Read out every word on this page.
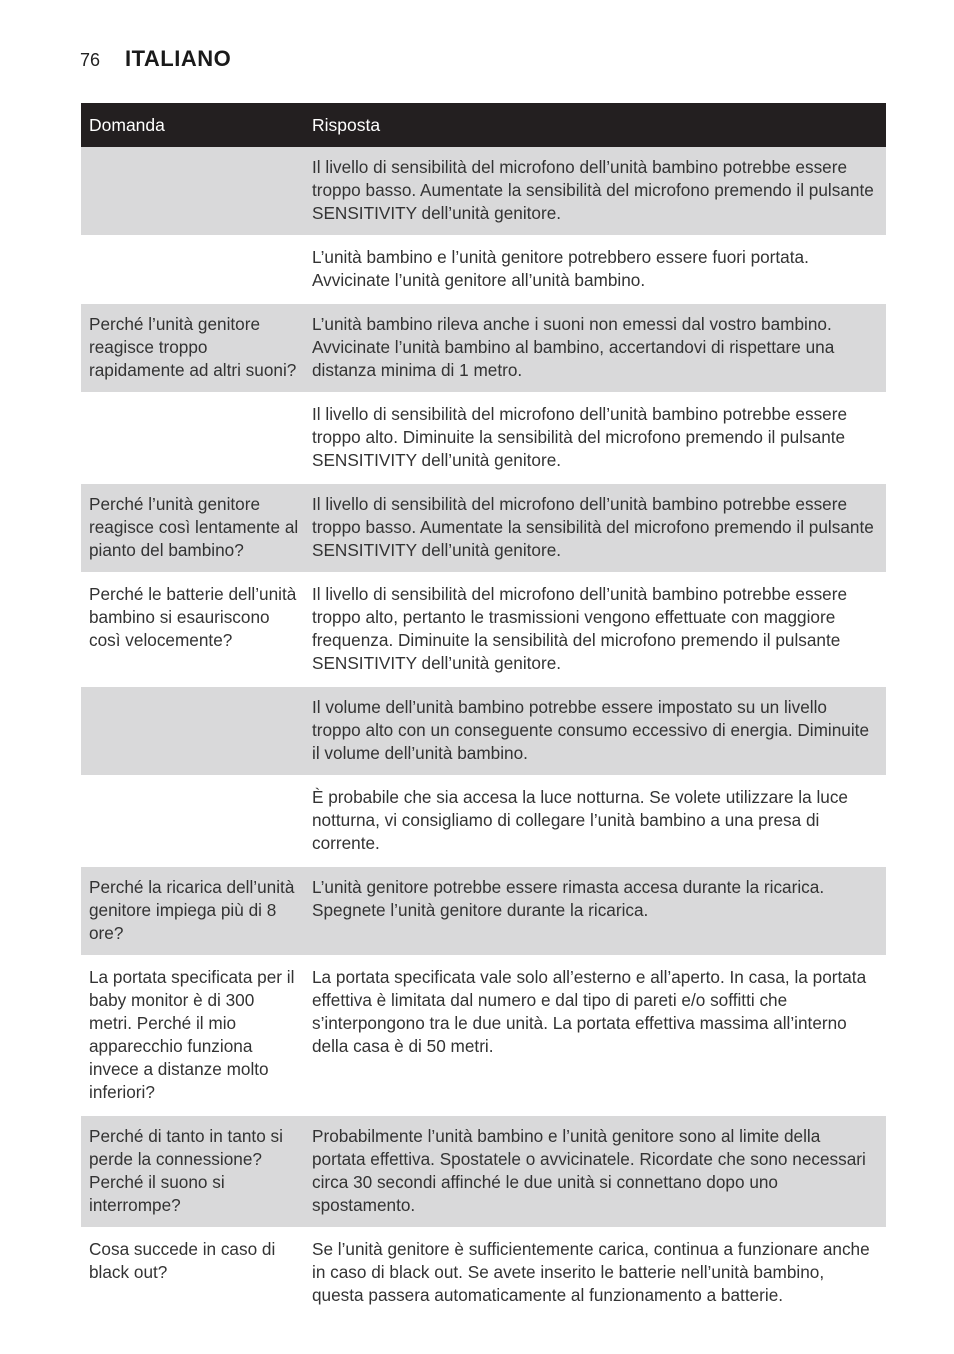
76	ITALIANO
Domanda	Risposta
	Il livello di sensibilità del microfono dell’unità bambino potrebbe essere troppo basso. Aumentate la sensibilità del microfono premendo il pulsante SENSITIVITY dell’unità genitore.
	L’unità bambino e l’unità genitore potrebbero essere fuori portata. Avvicinate l’unità genitore all’unità bambino.
Perché l’unità genitore reagisce troppo rapidamente ad altri suoni?	L’unità bambino rileva anche i suoni non emessi dal vostro bambino. Avvicinate l’unità bambino al bambino, accertandovi di rispettare una distanza minima di 1 metro.
	Il livello di sensibilità del microfono dell’unità bambino potrebbe essere troppo alto. Diminuite la sensibilità del microfono premendo il pulsante SENSITIVITY dell’unità genitore.
Perché l’unità genitore reagisce così lentamente al pianto del bambino?	Il livello di sensibilità del microfono dell’unità bambino potrebbe essere troppo basso. Aumentate la sensibilità del microfono premendo il pulsante SENSITIVITY dell’unità genitore.
Perché le batterie dell’unità bambino si esauriscono così velocemente?	Il livello di sensibilità del microfono dell’unità bambino potrebbe essere troppo alto, pertanto le trasmissioni vengono effettuate con maggiore frequenza. Diminuite la sensibilità del microfono premendo il pulsante SENSITIVITY dell’unità genitore.
	Il volume dell’unità bambino potrebbe essere impostato su un livello troppo alto con un conseguente consumo eccessivo di energia. Diminuite il volume dell’unità bambino.
	È probabile che sia accesa la luce notturna. Se volete utilizzare la luce notturna, vi consigliamo di collegare l’unità bambino a una presa di corrente.
Perché la ricarica dell’unità genitore impiega più di 8 ore?	L’unità genitore potrebbe essere rimasta accesa durante la ricarica. Spegnete l’unità genitore durante la ricarica.
La portata specificata per il baby monitor è di 300 metri. Perché il mio apparecchio funziona invece a distanze molto inferiori?	La portata specificata vale solo all’esterno e all’aperto. In casa, la portata effettiva è limitata dal numero e dal tipo di pareti e/o soffitti che s’interpongono tra le due unità. La portata effettiva massima all’interno della casa è di 50 metri.
Perché di tanto in tanto si perde la connessione? Perché il suono si interrompe?	Probabilmente l’unità bambino e l’unità genitore sono al limite della portata effettiva. Spostatele o avvicinatele. Ricordate che sono necessari circa 30 secondi affinché le due unità si connettano dopo uno spostamento.
Cosa succede in caso di black out?	Se l’unità genitore è sufficientemente carica, continua a funzionare anche in caso di black out. Se avete inserito le batterie nell’unità bambino, questa passera automaticamente al funzionamento a batterie.
